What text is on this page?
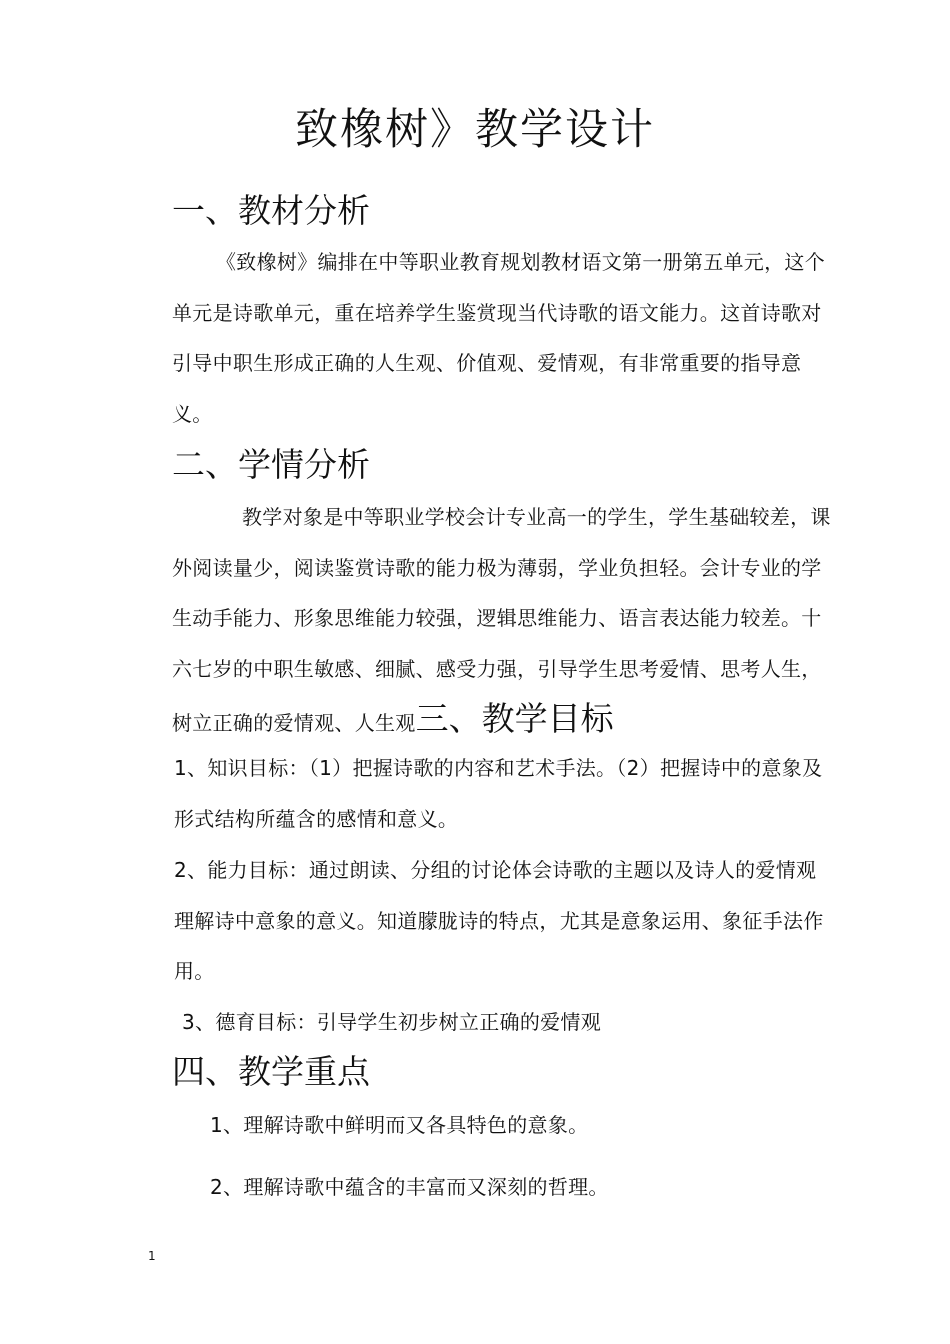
致橡树》教学设计
一、教材分析

《致橡树》编排在中等职业教育规划教材语文第一册第五单元，这个单元是诗歌单元，重在培养学生鉴赏现当代诗歌的语文能力。这首诗歌对引导中职生形成正确的人生观、价值观、爱情观，有非常重要的指导意义。

二、学情分析

教学对象是中等职业学校会计专业高一的学生，学生基础较差，课外阅读量少，阅读鉴赏诗歌的能力极为薄弱，学业负担轻。会计专业的学生动手能力、形象思维能力较强，逻辑思维能力、语言表达能力较差。十六七岁的中职生敏感、细腻、感受力强，引导学生思考爱情、思考人生，树立正确的爱情观、人生观三、教学目标

1、知识目标：（1）把握诗歌的内容和艺术手法。（2）把握诗中的意象及形式结构所蕴含的感情和意义。

2、能力目标：通过朗读、分组的讨论体会诗歌的主题以及诗人的爱情观理解诗中意象的意义。知道朦胧诗的特点，尤其是意象运用、象征手法作用。

3、德育目标：引导学生初步树立正确的爱情观

四、教学重点

1、理解诗歌中鲜明而又各具特色的意象。

2、理解诗歌中蕴含的丰富而又深刻的哲理。

1
